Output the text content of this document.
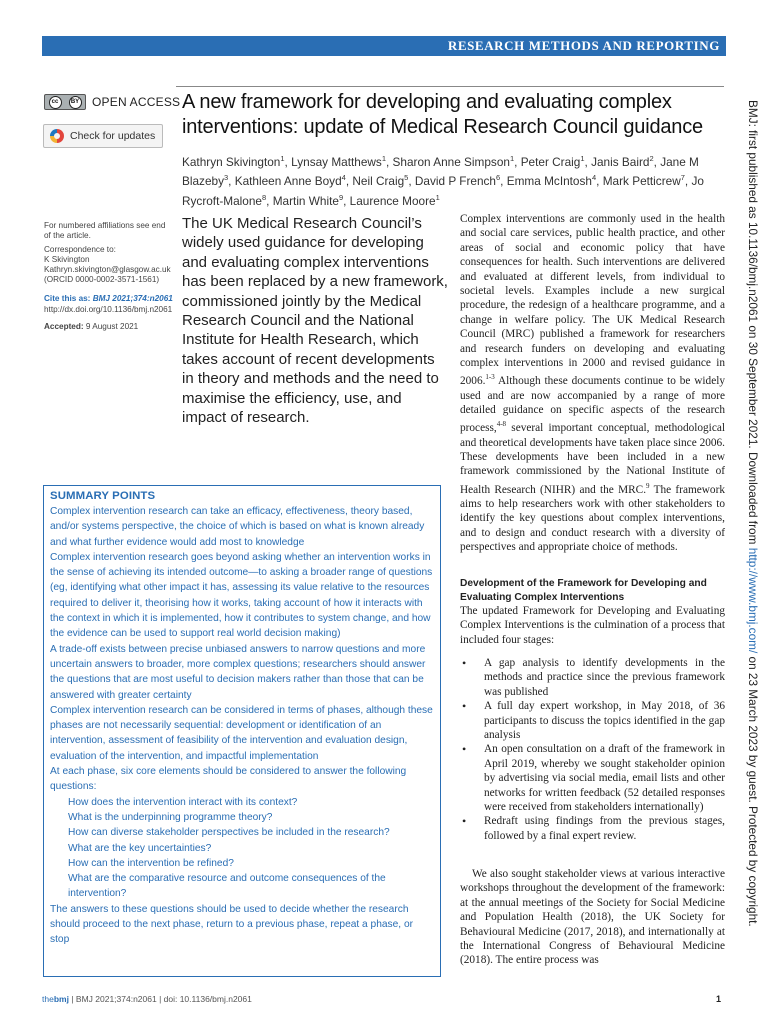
RESEARCH METHODS AND REPORTING
cc	BY OPEN ACCESS
Check for updates
A new framework for developing and evaluating complex interventions: update of Medical Research Council guidance

Kathryn Skivington$^1$, Lynsay Matthews$^1$, Sharon Anne Simpson$^1$, Peter Craig$^1$, Janis Baird$^2$, Jane M Blazeby$^3$, Kathleen Anne Boyd$^4$, Neil Craig$^5$, David P French$^6$, Emma McIntosh$^4$, Mark Petticrew$^7$, Jo Rycroft-Malone$^8$, Martin White$^9$, Laurence Moore$^1$

For numbered affiliations see end of the article.
Correspondence to:
K Skivington
Kathryn.skivington@glasgow.ac.uk
(ORCID 0000-0002-3571-1561)
Cite this as: BMJ 2021;374:n2061
http://dx.doi.org/10.1136/bmj.n2061
Accepted: 9 August 2021

The UK Medical Research Council’s widely used guidance for developing and evaluating complex interventions has been replaced by a new framework, commissioned jointly by the Medical Research Council and the National Institute for Health Research, which takes account of recent developments in theory and methods and the need to maximise the efficiency, use, and impact of research.

Complex interventions are commonly used in the health and social care services, public health practice, and other areas of social and economic policy that have consequences for health. Such interventions are delivered and evaluated at different levels, from individual to societal levels. Examples include a new surgical procedure, the redesign of a healthcare programme, and a change in welfare policy. The UK Medical Research Council (MRC) published a framework for researchers and research funders on developing and evaluating complex interventions in 2000 and revised guidance in 2006.$^{1-3}$ Although these documents continue to be widely used and are now accompanied by a range of more detailed guidance on specific aspects of the research process,$^{4-8}$ several important conceptual, methodological and theoretical developments have taken place since 2006. These developments have been included in a new framework commissioned by the National Institute of Health Research (NIHR) and the MRC.$^9$ The framework aims to help researchers work with other stakeholders to identify the key questions about complex interventions, and to design and conduct research with a diversity of perspectives and appropriate choice of methods.

Development of the Framework for Developing and Evaluating Complex Interventions

The updated Framework for Developing and Evaluating Complex Interventions is the culmination of a process that included four stages:

• A gap analysis to identify developments in the methods and practice since the previous framework was published
• A full day expert workshop, in May 2018, of 36 participants to discuss the topics identified in the gap analysis
• An open consultation on a draft of the framework in April 2019, whereby we sought stakeholder opinion by advertising via social media, email lists and other networks for written feedback (52 detailed responses were received from stakeholders internationally)
• Redraft using findings from the previous stages, followed by a final expert review.

We also sought stakeholder views at various interactive workshops throughout the development of the framework: at the annual meetings of the Society for Social Medicine and Population Health (2018), the UK Society for Behavioural Medicine (2017, 2018), and internationally at the International Congress of Behavioural Medicine (2018). The entire process was

SUMMARY POINTS

Complex intervention research can take an efficacy, effectiveness, theory based, and/or systems perspective, the choice of which is based on what is known already and what further evidence would add most to knowledge

Complex intervention research goes beyond asking whether an intervention works in the sense of achieving its intended outcome—to asking a broader range of questions (eg, identifying what other impact it has, assessing its value relative to the resources required to deliver it, theorising how it works, taking account of how it interacts with the context in which it is implemented, how it contributes to system change, and how the evidence can be used to support real world decision making)

A trade-off exists between precise unbiased answers to narrow questions and more uncertain answers to broader, more complex questions; researchers should answer the questions that are most useful to decision makers rather than those that can be answered with greater certainty

Complex intervention research can be considered in terms of phases, although these phases are not necessarily sequential: development or identification of an intervention, assessment of feasibility of the intervention and evaluation design, evaluation of the intervention, and impactful implementation

At each phase, six core elements should be considered to answer the following questions:

How does the intervention interact with its context?

What is the underpinning programme theory?

How can diverse stakeholder perspectives be included in the research?

What are the key uncertainties?

How can the intervention be refined?

What are the comparative resource and outcome consequences of the intervention?

The answers to these questions should be used to decide whether the research should proceed to the next phase, return to a previous phase, repeat a phase, or stop

thebmj | BMJ 2021;374:n2061 | doi: 10.1136/bmj.n2061	1
BMJ: first published as 10.1136/bmj.n2061 on 30 September 2021. Downloaded from http://www.bmj.com/ on 23 March 2023 by guest. Protected by copyright.
